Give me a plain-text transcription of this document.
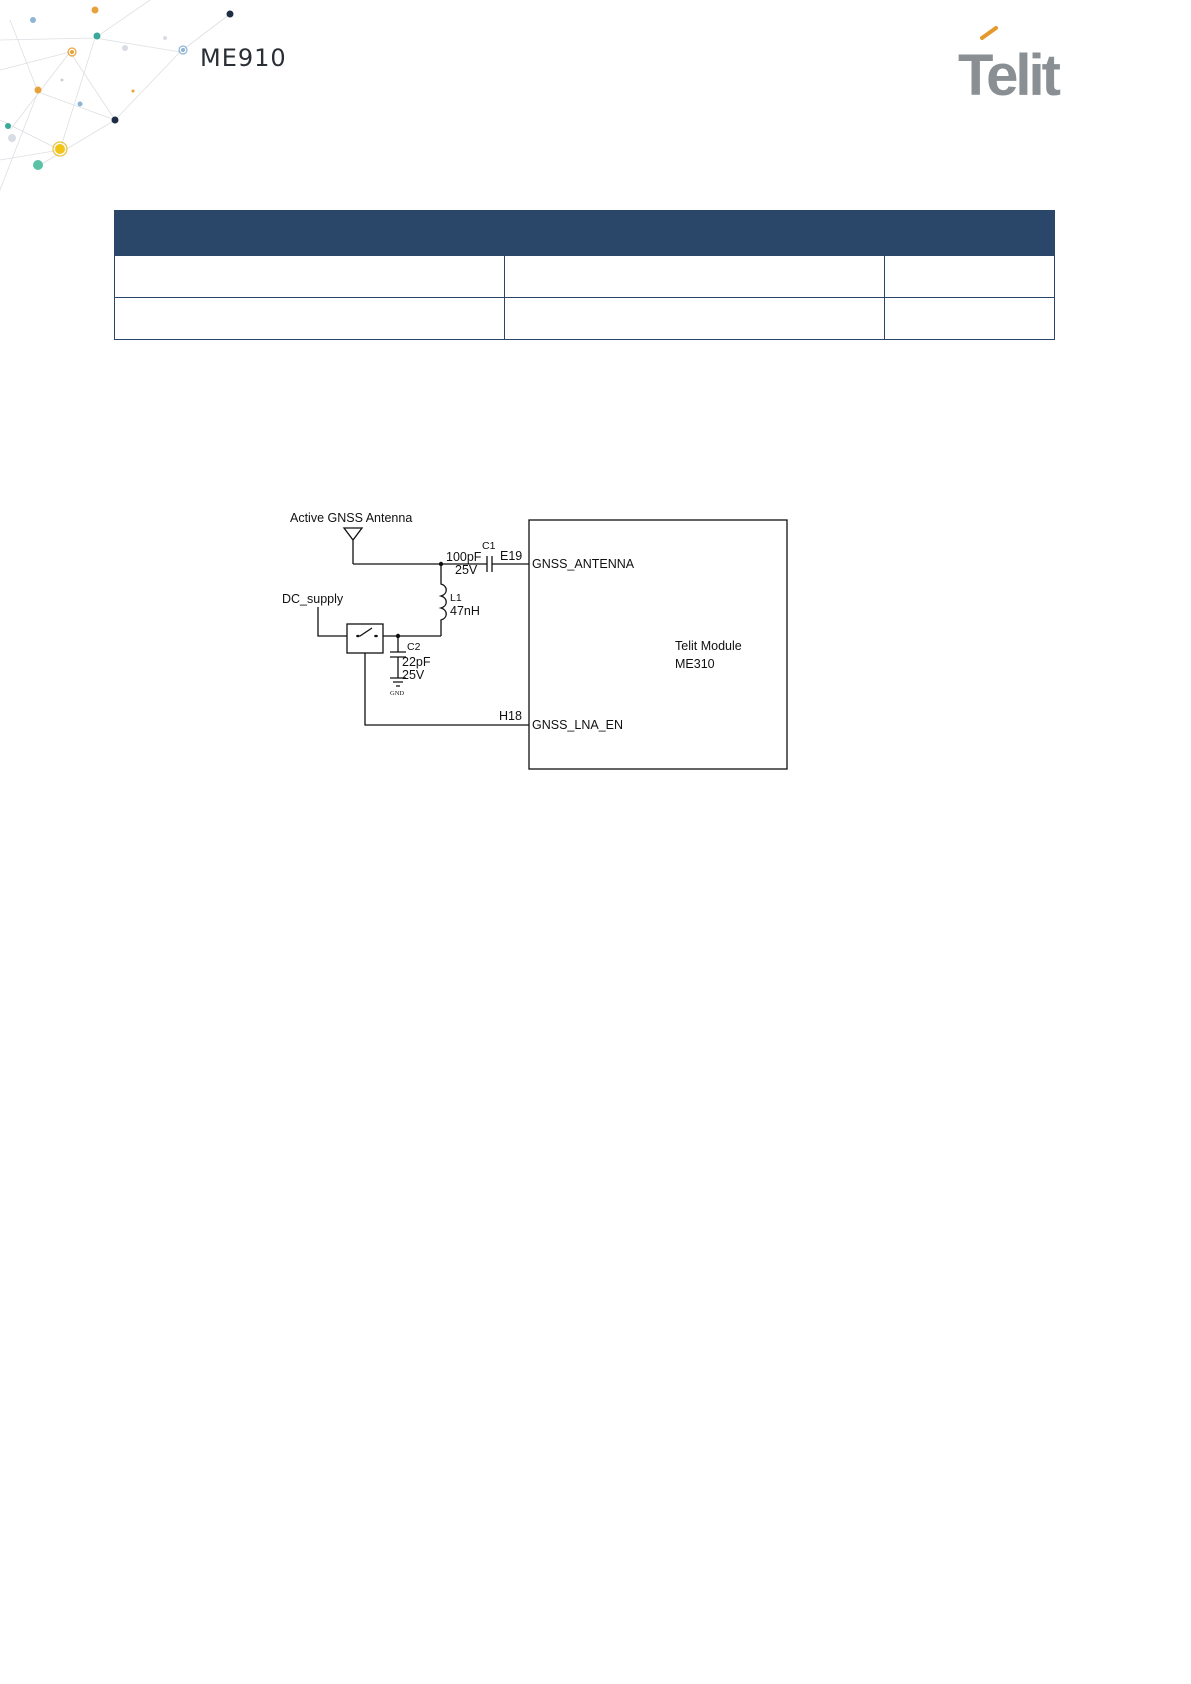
ME910	Telit

Telit Module
ME310
Active GNSS Antenna
C1
100pF
25V
E19
GNSS_ANTENNA
L1
47nH
DC_supply
C2
22pF
25V
GND
H18
GNSS_LNA_EN
